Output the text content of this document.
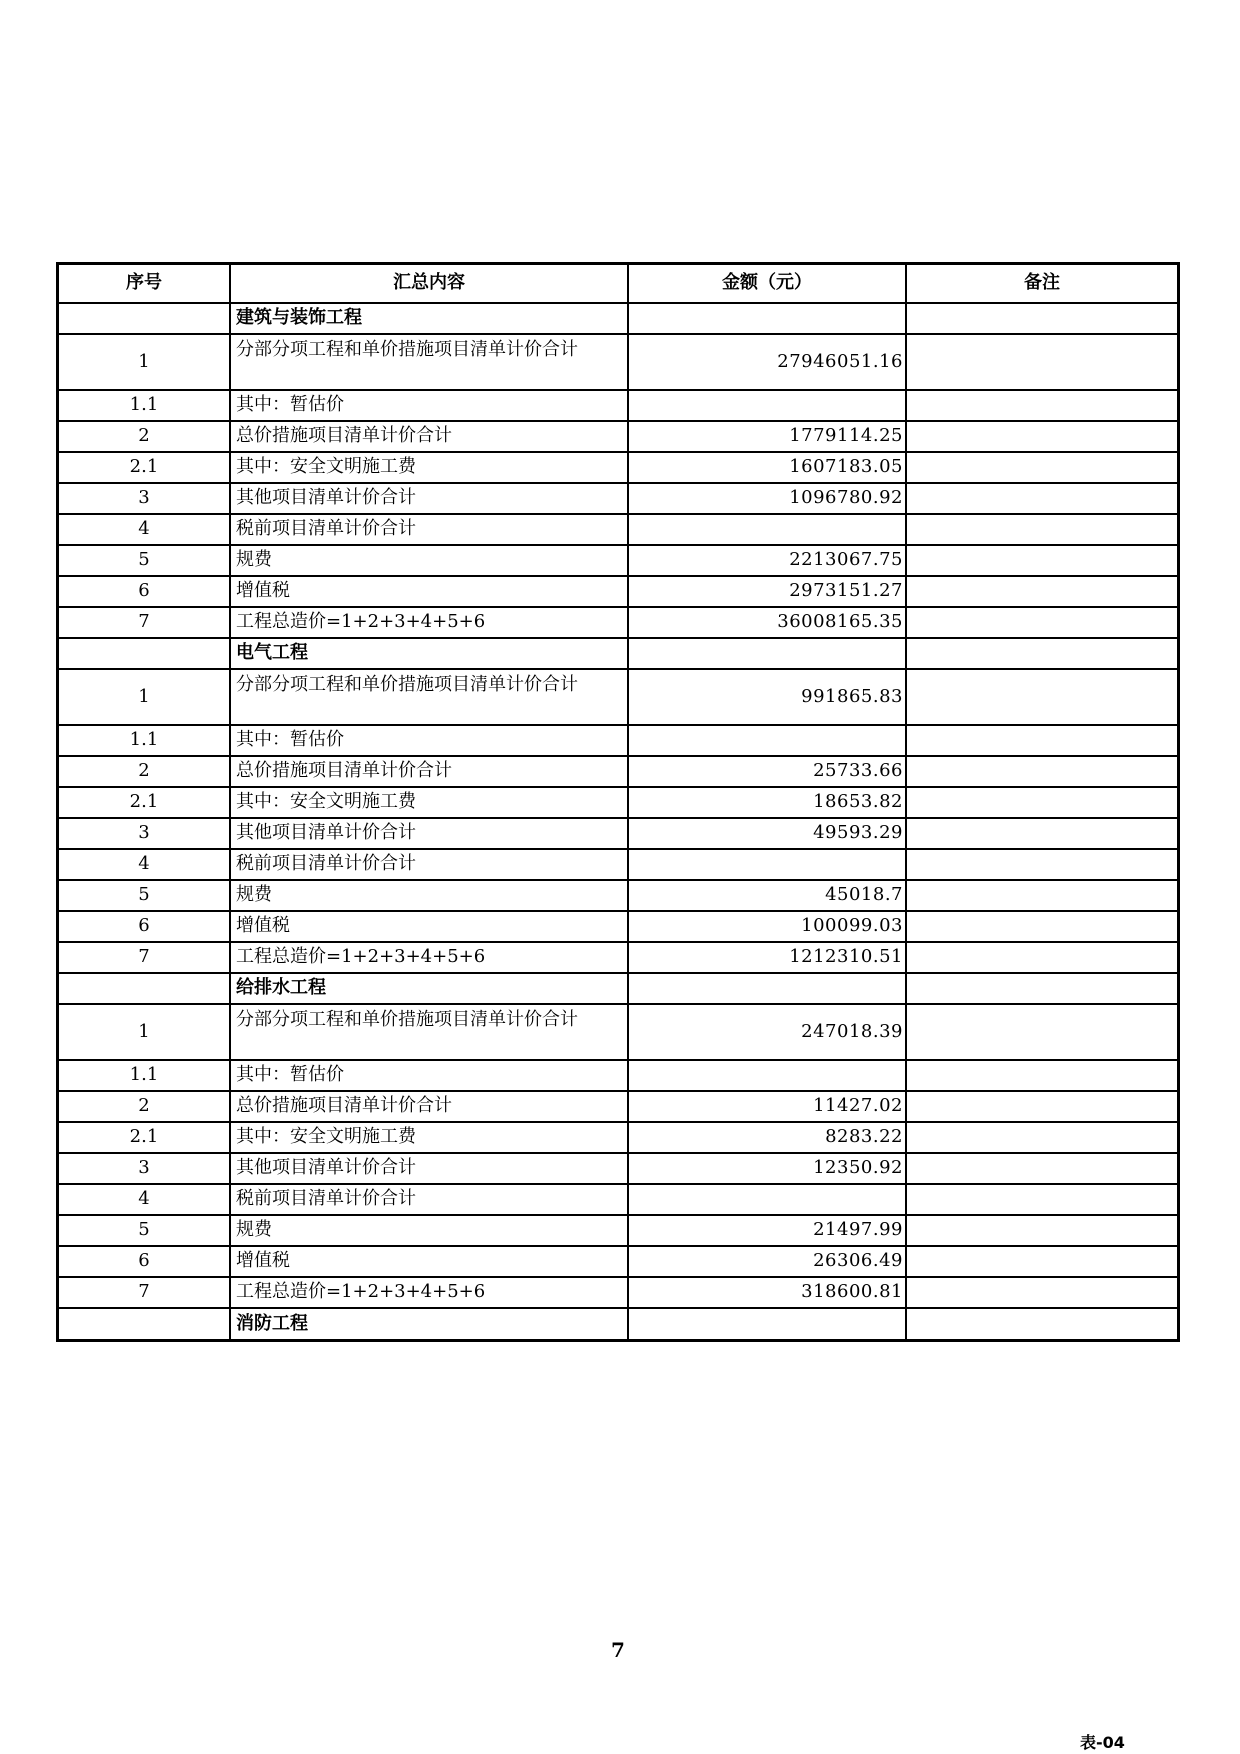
序号	汇总内容	金额（元）	备注
	建筑与装饰工程		
1	分部分项工程和单价措施项目清单计价合计	27946051.16	
1.1	其中：暂估价		
2	总价措施项目清单计价合计	1779114.25	
2.1	其中：安全文明施工费	1607183.05	
3	其他项目清单计价合计	1096780.92	
4	税前项目清单计价合计		
5	规费	2213067.75	
6	增值税	2973151.27	
7	工程总造价=1+2+3+4+5+6	36008165.35	
	电气工程		
1	分部分项工程和单价措施项目清单计价合计	991865.83	
1.1	其中：暂估价		
2	总价措施项目清单计价合计	25733.66	
2.1	其中：安全文明施工费	18653.82	
3	其他项目清单计价合计	49593.29	
4	税前项目清单计价合计		
5	规费	45018.7	
6	增值税	100099.03	
7	工程总造价=1+2+3+4+5+6	1212310.51	
	给排水工程		
1	分部分项工程和单价措施项目清单计价合计	247018.39	
1.1	其中：暂估价		
2	总价措施项目清单计价合计	11427.02	
2.1	其中：安全文明施工费	8283.22	
3	其他项目清单计价合计	12350.92	
4	税前项目清单计价合计		
5	规费	21497.99	
6	增值税	26306.49	
7	工程总造价=1+2+3+4+5+6	318600.81	
	消防工程		
7
表-04
